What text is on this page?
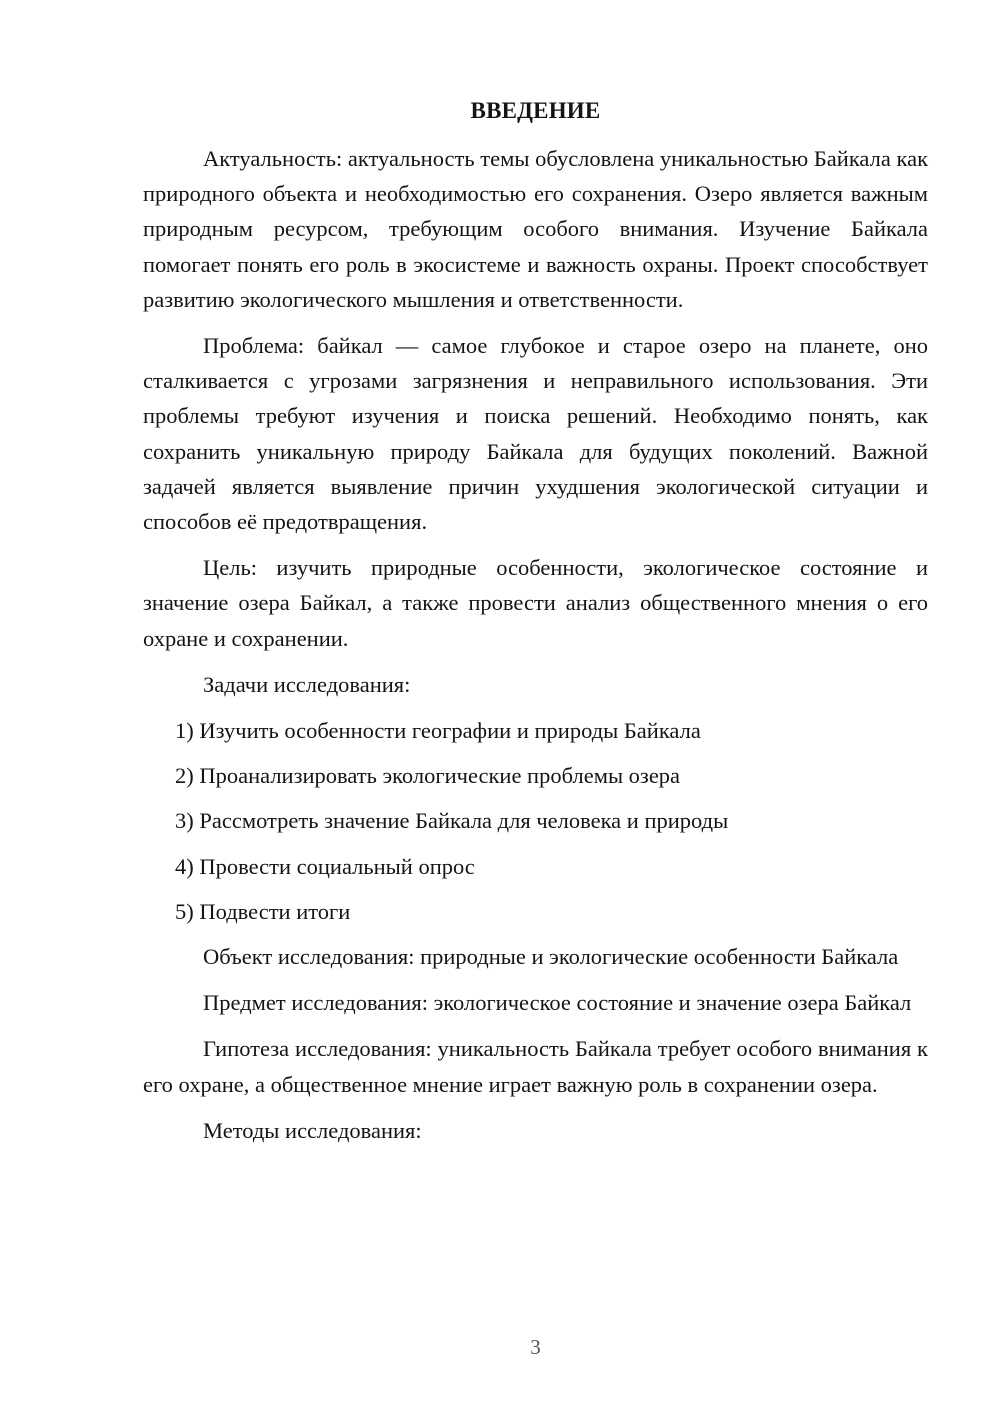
ВВЕДЕНИЕ

Актуальность: актуальность темы обусловлена уникальностью Байкала как природного объекта и необходимостью его сохранения. Озеро является важным природным ресурсом, требующим особого внимания. Изучение Байкала помогает понять его роль в экосистеме и важность охраны. Проект способствует развитию экологического мышления и ответственности.

Проблема: байкал — самое глубокое и старое озеро на планете, оно сталкивается с угрозами загрязнения и неправильного использования. Эти проблемы требуют изучения и поиска решений. Необходимо понять, как сохранить уникальную природу Байкала для будущих поколений. Важной задачей является выявление причин ухудшения экологической ситуации и способов её предотвращения.

Цель: изучить природные особенности, экологическое состояние и значение озера Байкал, а также провести анализ общественного мнения о его охране и сохранении.

Задачи исследования:

1) Изучить особенности географии и природы Байкала

2) Проанализировать экологические проблемы озера

3) Рассмотреть значение Байкала для человека и природы

4) Провести социальный опрос

5) Подвести итоги

Объект исследования: природные и экологические особенности Байкала

Предмет исследования: экологическое состояние и значение озера Байкал

Гипотеза исследования: уникальность Байкала требует особого внимания к его охране, а общественное мнение играет важную роль в сохранении озера.

Методы исследования:

3
